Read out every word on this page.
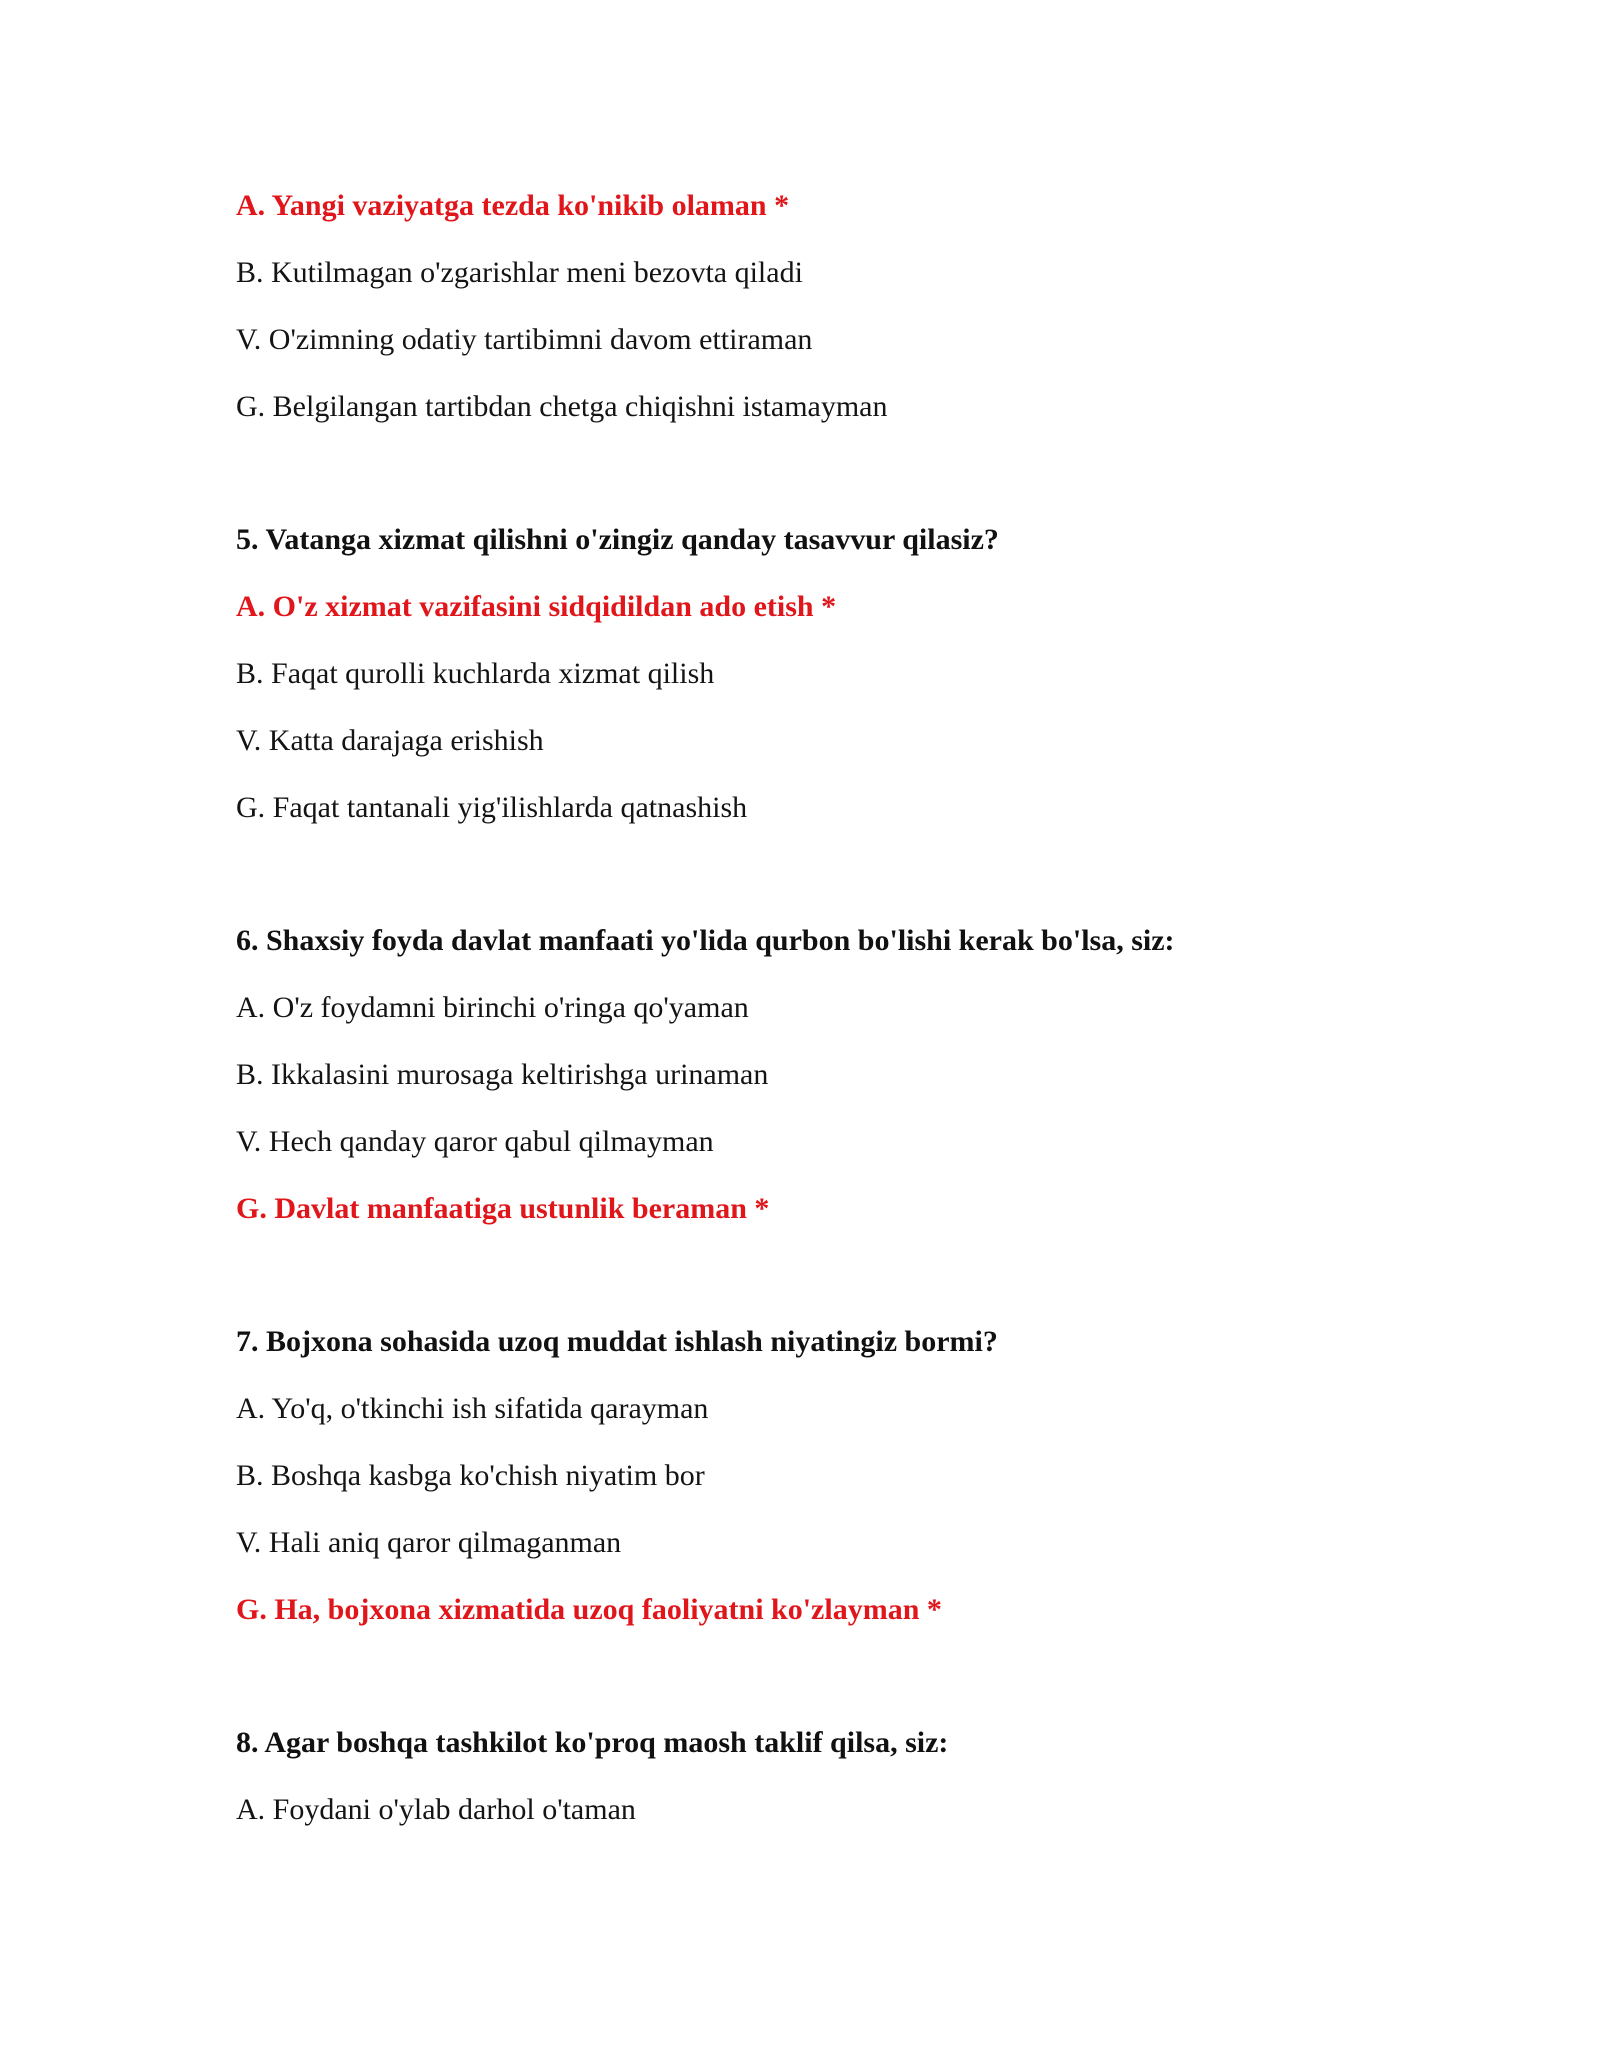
A. Yangi vaziyatga tezda ko'nikib olaman *
B. Kutilmagan o'zgarishlar meni bezovta qiladi
V. O'zimning odatiy tartibimni davom ettiraman
G. Belgilangan tartibdan chetga chiqishni istamayman
5. Vatanga xizmat qilishni o'zingiz qanday tasavvur qilasiz?
A. O'z xizmat vazifasini sidqidildan ado etish *
B. Faqat qurolli kuchlarda xizmat qilish
V. Katta darajaga erishish
G. Faqat tantanali yig'ilishlarda qatnashish
6. Shaxsiy foyda davlat manfaati yo'lida qurbon bo'lishi kerak bo'lsa, siz:
A. O'z foydamni birinchi o'ringa qo'yaman
B. Ikkalasini murosaga keltirishga urinaman
V. Hech qanday qaror qabul qilmayman
G. Davlat manfaatiga ustunlik beraman *
7. Bojxona sohasida uzoq muddat ishlash niyatingiz bormi?
A. Yo'q, o'tkinchi ish sifatida qarayman
B. Boshqa kasbga ko'chish niyatim bor
V. Hali aniq qaror qilmaganman
G. Ha, bojxona xizmatida uzoq faoliyatni ko'zlayman *
8. Agar boshqa tashkilot ko'proq maosh taklif qilsa, siz:
A. Foydani o'ylab darhol o'taman
